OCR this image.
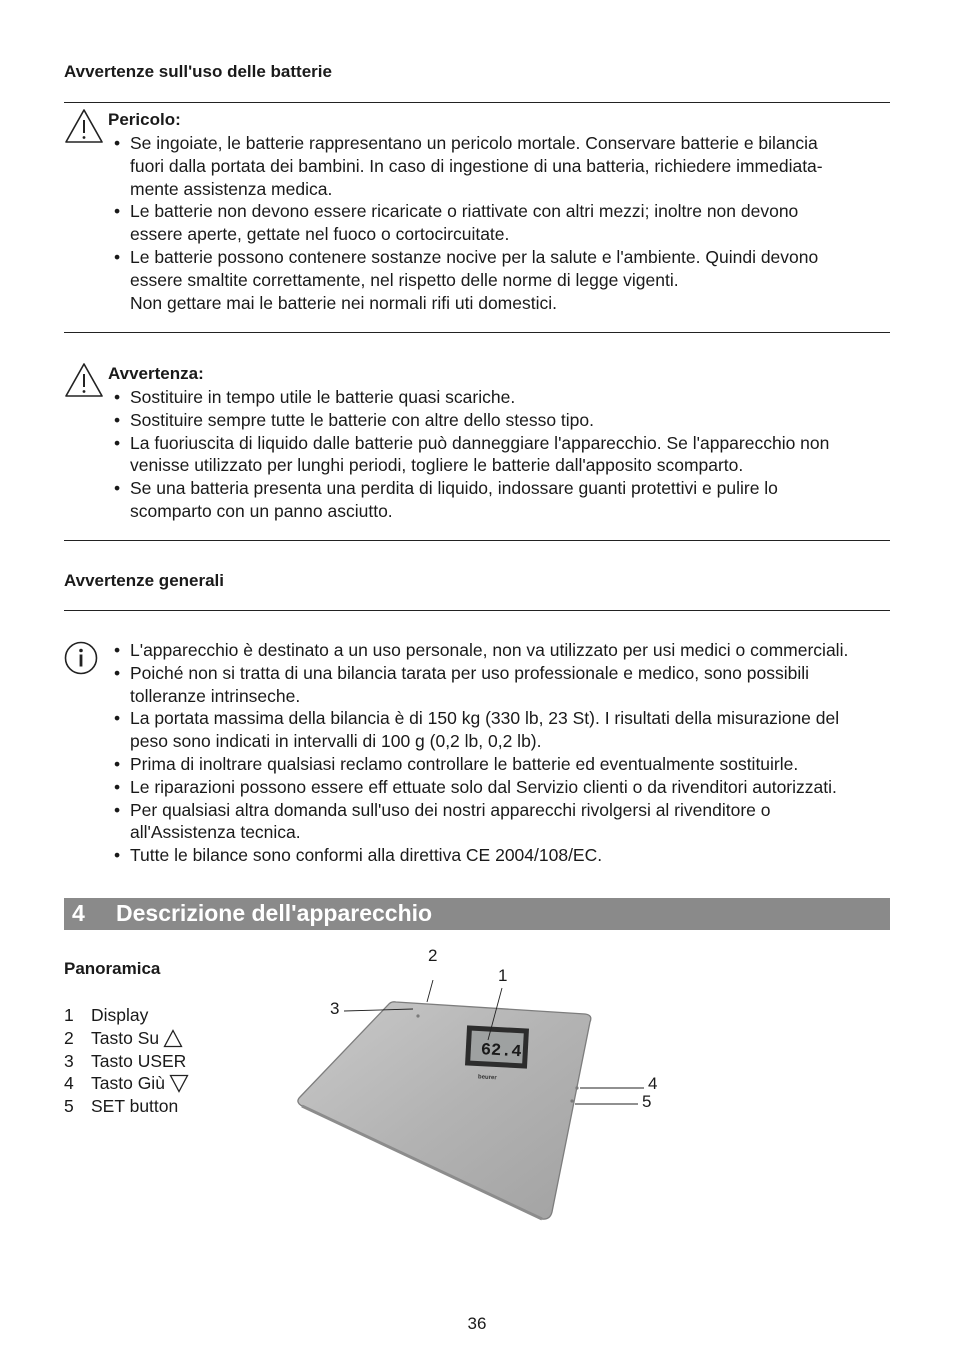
Avvertenze sull'uso delle batterie
Pericolo:
• Se ingoiate, le batterie rappresentano un pericolo mortale. Conservare batterie e bilancia
fuori dalla portata dei bambini. In caso di ingestione di una batteria, richiedere immediata-
mente assistenza medica.
• Le batterie non devono essere ricaricate o riattivate con altri mezzi; inoltre non devono
essere aperte, gettate nel fuoco o cortocircuitate.
• Le batterie possono contenere sostanze nocive per la salute e l'ambiente. Quindi devono
essere smaltite correttamente, nel rispetto delle norme di legge vigenti.
Non gettare mai le batterie nei normali rifi uti domestici.
Avvertenza:
• Sostituire in tempo utile le batterie quasi scariche.
• Sostituire sempre tutte le batterie con altre dello stesso tipo.
• La fuoriuscita di liquido dalle batterie può danneggiare l'apparecchio. Se l'apparecchio non
venisse utilizzato per lunghi periodi, togliere le batterie dall'apposito scomparto.
• Se una batteria presenta una perdita di liquido, indossare guanti protettivi e pulire lo
scomparto con un panno asciutto.
Avvertenze generali
• L'apparecchio è destinato a un uso personale, non va utilizzato per usi medici o commerciali.
• Poiché non si tratta di una bilancia tarata per uso professionale e medico, sono possibili
tolleranze intrinseche.
• La portata massima della bilancia è di 150 kg (330 lb, 23 St). I risultati della misurazione del
peso sono indicati in intervalli di 100 g (0,2 lb, 0,2 lb).
• Prima di inoltrare qualsiasi reclamo controllare le batterie ed eventualmente sostituirle.
• Le riparazioni possono essere eff ettuate solo dal Servizio clienti o da rivenditori autorizzati.
• Per qualsiasi altra domanda sull'uso dei nostri apparecchi rivolgersi al rivenditore o
all'Assistenza tecnica.
• Tutte le bilance sono conformi alla direttiva CE 2004/108/EC.
4 Descrizione dell'apparecchio
Panoramica
1 Display
2 Tasto Su
3 Tasto USER
4 Tasto Giù
5 SET button
62.4
beurer
2
1
3
4
5
36
